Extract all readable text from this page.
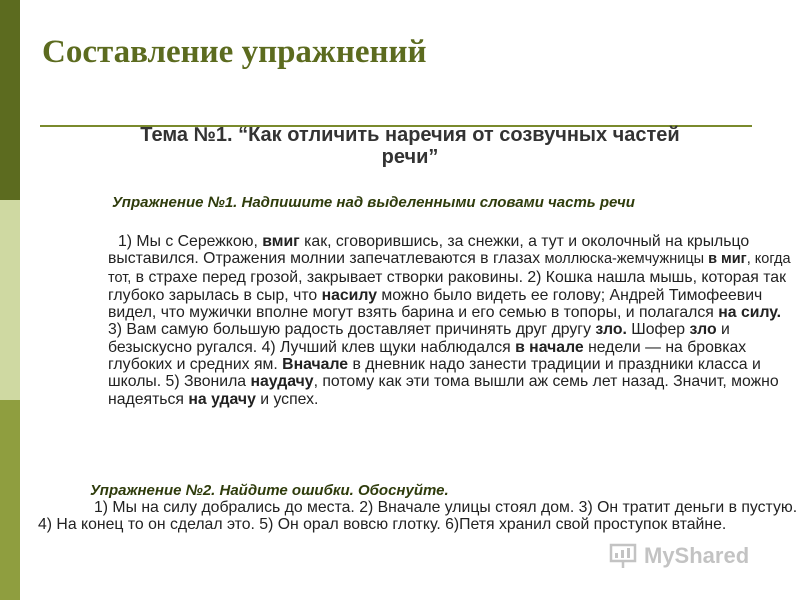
Составление упражнений
Тема №1. “Как отличить наречия от созвучных частей речи”
Упражнение №1. Надпишите над выделенными словами часть речи

1) Мы с Сережкою, вмиг как, сговорившись, за снежки, а тут и околочный на крыльцо выставился. Отражения молнии запечатлеваются в глазах моллюска-жемчужницы в миг, когда тот, в страхе перед грозой, закрывает створки раковины. 2) Кошка нашла мышь, которая так глубоко зарылась в сыр, что насилу можно было видеть ее голову; Андрей Тимофеевич видел, что мужички вполне могут взять барина и его семью в топоры, и полагался на силу. 3) Вам самую большую радость доставляет причинять друг другу зло. Шофер зло и безыскусно ругался. 4) Лучший клев щуки наблюдался в начале недели — на бровках глубоких и средних ям. Вначале в дневник надо занести традиции и праздники класса и школы. 5) Звонила наудачу, потому как эти тома вышли аж семь лет назад. Значит, можно надеяться на удачу и успех.

Упражнение №2. Найдите ошибки. Обоснуйте.

1) Мы на силу добрались до места. 2) Вначале улицы стоял дом. 3) Он тратит деньги в пустую. 4) На конец то он сделал это. 5) Он орал вовсю глотку. 6)Петя хранил свой проступок втайне.

MyShared
